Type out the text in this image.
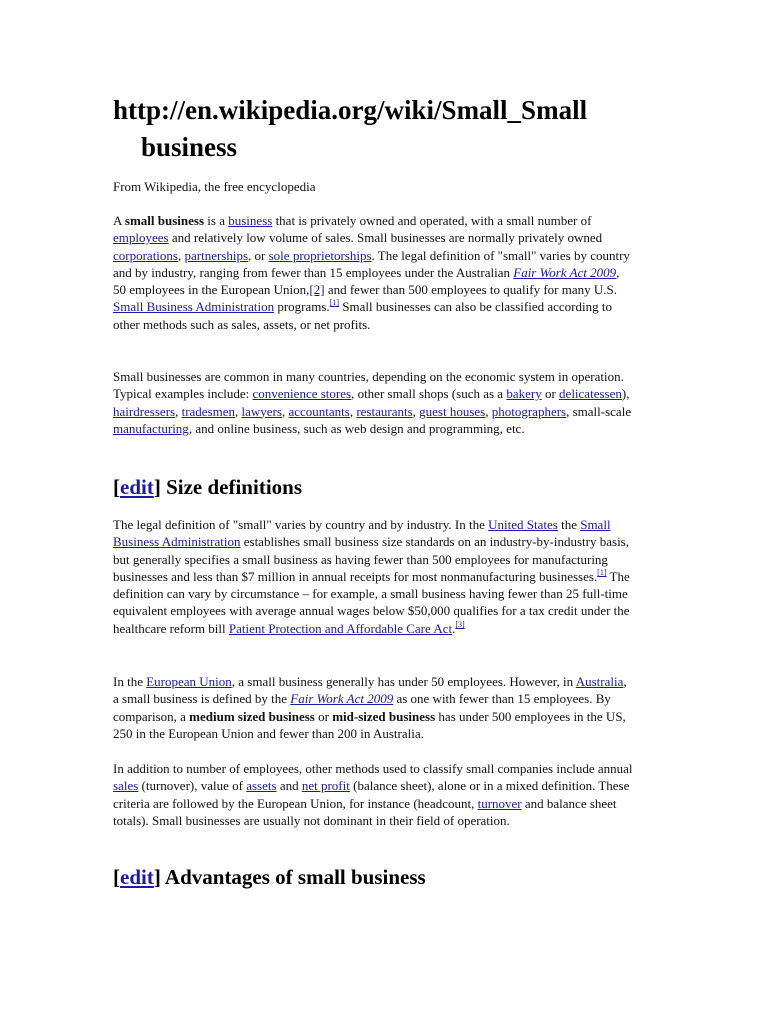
http://en.wikipedia.org/wiki/Small_Small
business

From Wikipedia, the free encyclopedia

A small business is a business that is privately owned and operated, with a small number of employees and relatively low volume of sales. Small businesses are normally privately owned corporations, partnerships, or sole proprietorships. The legal definition of "small" varies by country and by industry, ranging from fewer than 15 employees under the Australian Fair Work Act 2009, 50 employees in the European Union,[2] and fewer than 500 employees to qualify for many U.S. Small Business Administration programs.[1] Small businesses can also be classified according to other methods such as sales, assets, or net profits.

Small businesses are common in many countries, depending on the economic system in operation. Typical examples include: convenience stores, other small shops (such as a bakery or delicatessen), hairdressers, tradesmen, lawyers, accountants, restaurants, guest houses, photographers, small-scale manufacturing, and online business, such as web design and programming, etc.

[edit] Size definitions

The legal definition of "small" varies by country and by industry. In the United States the Small Business Administration establishes small business size standards on an industry-by-industry basis, but generally specifies a small business as having fewer than 500 employees for manufacturing businesses and less than $7 million in annual receipts for most nonmanufacturing businesses.[1] The definition can vary by circumstance – for example, a small business having fewer than 25 full-time equivalent employees with average annual wages below $50,000 qualifies for a tax credit under the healthcare reform bill Patient Protection and Affordable Care Act.[3]

In the European Union, a small business generally has under 50 employees. However, in Australia, a small business is defined by the Fair Work Act 2009 as one with fewer than 15 employees. By comparison, a medium sized business or mid-sized business has under 500 employees in the US, 250 in the European Union and fewer than 200 in Australia.

In addition to number of employees, other methods used to classify small companies include annual sales (turnover), value of assets and net profit (balance sheet), alone or in a mixed definition. These criteria are followed by the European Union, for instance (headcount, turnover and balance sheet totals). Small businesses are usually not dominant in their field of operation.

[edit] Advantages of small business
